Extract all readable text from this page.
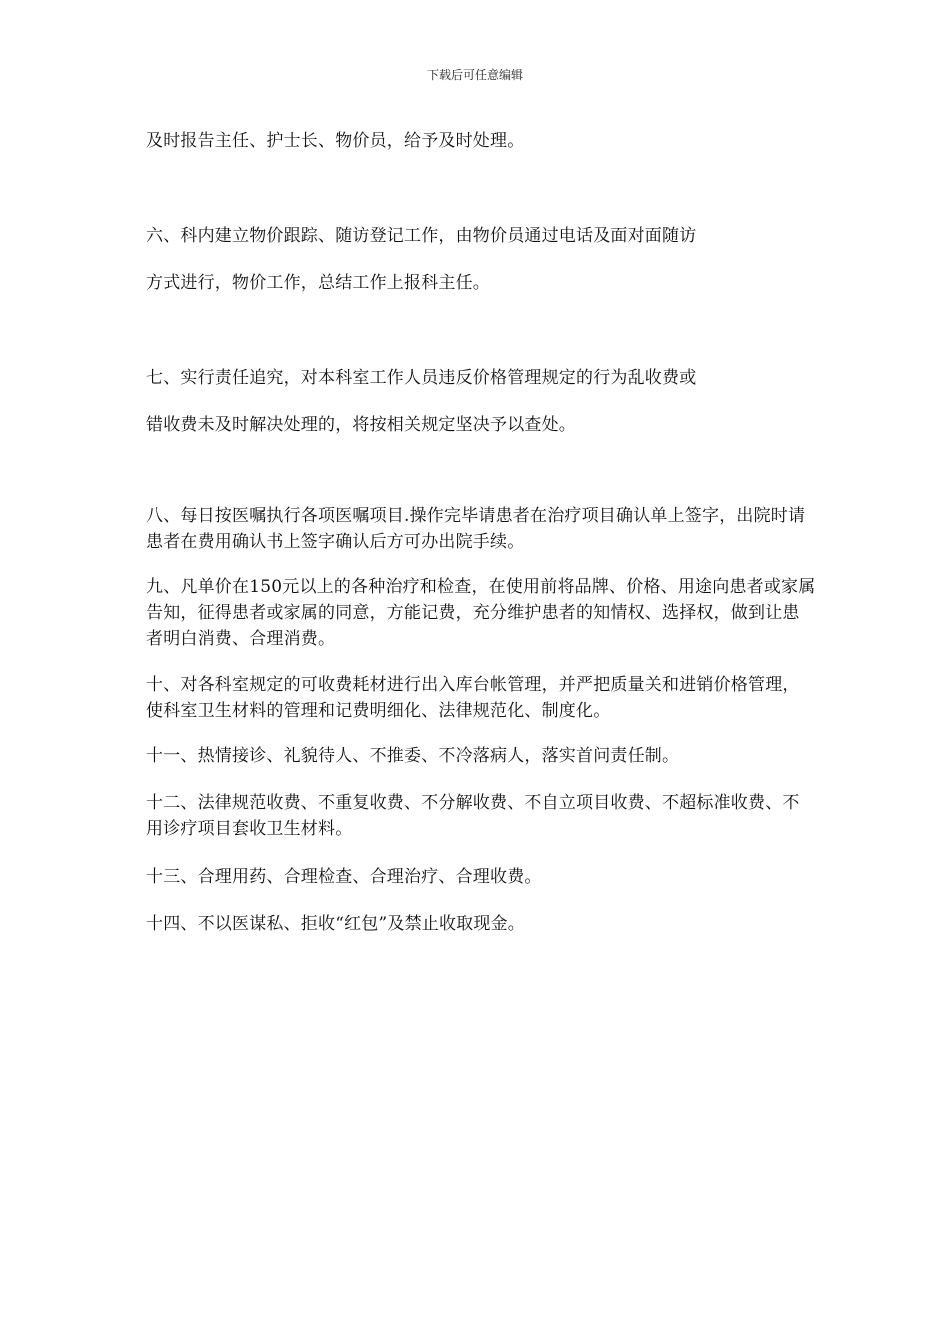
下载后可任意编辑
及时报告主任、护士长、物价员，给予及时处理。
六、科内建立物价跟踪、随访登记工作，由物价员通过电话及面对面随访
方式进行，物价工作，总结工作上报科主任。
七、实行责任追究，对本科室工作人员违反价格管理规定的行为乱收费或
错收费未及时解决处理的，将按相关规定坚决予以查处。
八、每日按医嘱执行各项医嘱项目.操作完毕请患者在治疗项目确认单上签字，出院时请患者在费用确认书上签字确认后方可办出院手续。
九、凡单价在150元以上的各种治疗和检查，在使用前将品牌、价格、用途向患者或家属告知，征得患者或家属的同意，方能记费，充分维护患者的知情权、选择权，做到让患者明白消费、合理消费。
十、对各科室规定的可收费耗材进行出入库台帐管理，并严把质量关和进销价格管理，使科室卫生材料的管理和记费明细化、法律规范化、制度化。
十一、热情接诊、礼貌待人、不推委、不冷落病人，落实首问责任制。
十二、法律规范收费、不重复收费、不分解收费、不自立项目收费、不超标准收费、不用诊疗项目套收卫生材料。
十三、合理用药、合理检查、合理治疗、合理收费。
十四、不以医谋私、拒收“红包”及禁止收取现金。
